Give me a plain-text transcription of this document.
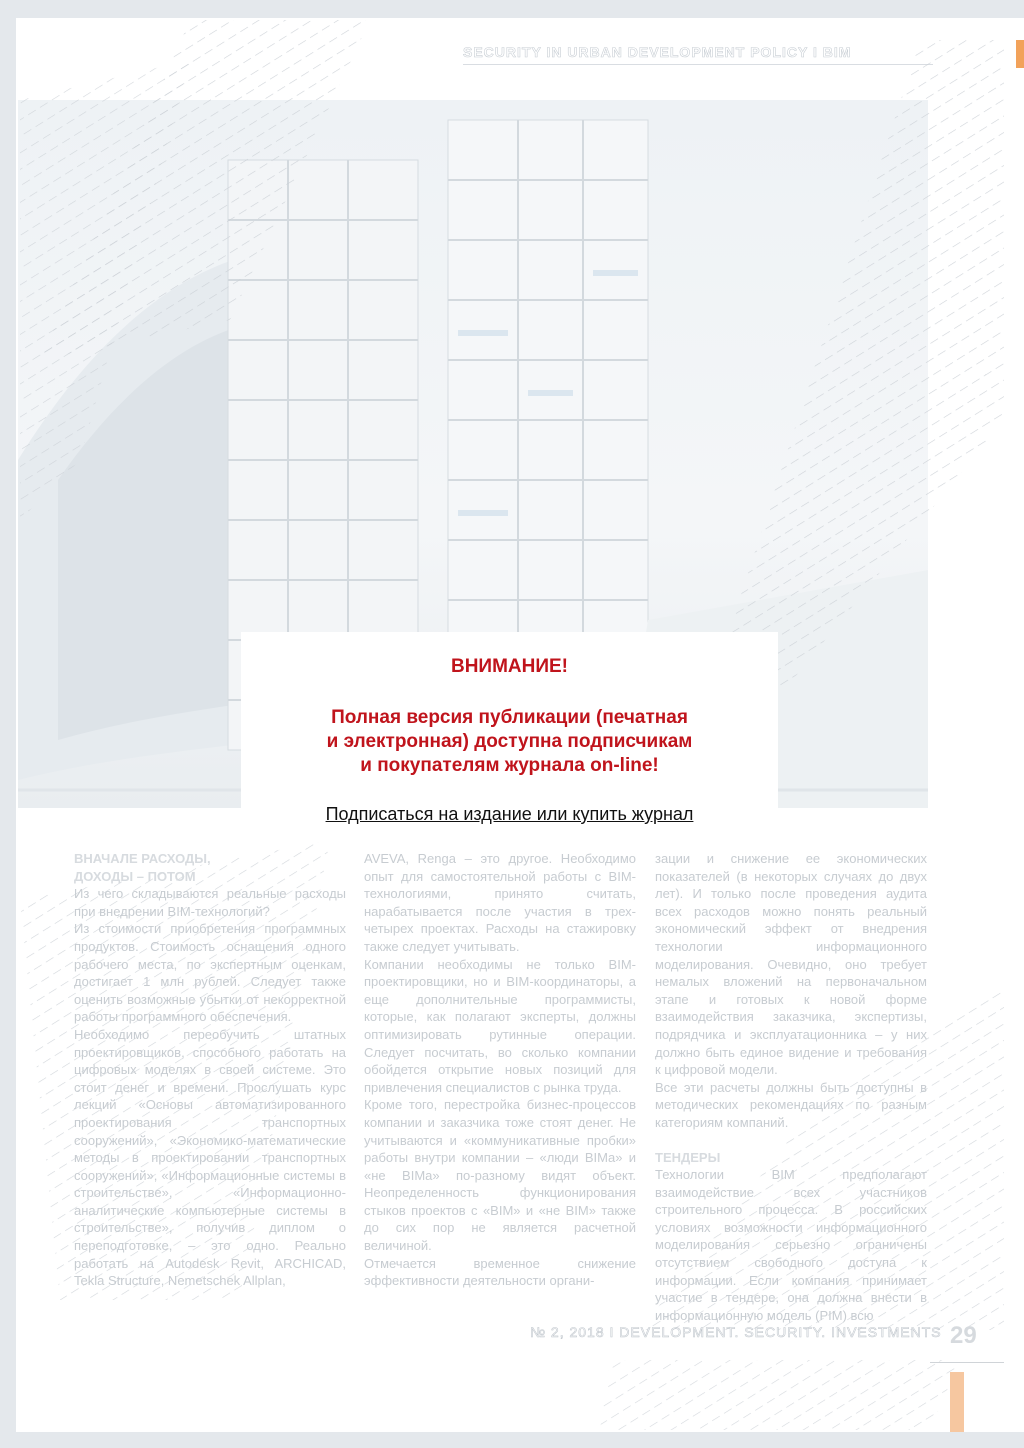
SECURITY IN URBAN DEVELOPMENT POLICY I BIM
ВНИМАНИЕ!
Полная версия публикации (печатная
и электронная) доступна подписчикам
и покупателям журнала on-line!
Подписаться на издание или купить журнал

ВНАЧАЛЕ РАСХОДЫ,

ДОХОДЫ – ПОТОМ

Из чего складываются реальные расходы при внедрении BIM-технологий?

Из стоимости приобретения программных продуктов. Стоимость оснащения одного рабочего места, по экспертным оценкам, достигает 1 млн рублей. Следует также оценить возможные убытки от некорректной работы программного обеспечения.

Необходимо переобучить штатных проектировщиков, способного работать на цифровых моделях в своей системе. Это стоит денег и времени. Прослушать курс лекций «Основы автоматизированного проектирования транспортных сооружений», «Экономико-математические методы в проектировании транспортных сооружений», «Информационные системы в строительстве», «Информационно-аналитические компьютерные системы в строительстве», получив диплом о переподготовке, – это одно. Реально работать на Autodesk Revit, ARCHICAD, Tekla Structure, Nemetschek Allplan,

AVEVA, Renga – это другое. Необходимо опыт для самостоятельной работы с BIM-технологиями, принято считать, нарабатывается после участия в трех-четырех проектах. Расходы на стажировку также следует учитывать.

Компании необходимы не только BIM-проектировщики, но и BIM-координаторы, а еще дополнительные программисты, которые, как полагают эксперты, должны оптимизировать рутинные операции. Следует посчитать, во сколько компании обойдется открытие новых позиций для привлечения специалистов с рынка труда.

Кроме того, перестройка бизнес-процессов компании и заказчика тоже стоят денег. Не учитываются и «коммуникативные пробки» работы внутри компании – «люди BIMа» и «не BIMа» по-разному видят объект. Неопределенность функционирования стыков проектов с «BIM» и «не BIM» также до сих пор не является расчетной величиной.

Отмечается временное снижение эффективности деятельности органи-

зации и снижение ее экономических показателей (в некоторых случаях до двух лет). И только после проведения аудита всех расходов можно понять реальный экономический эффект от внедрения технологии информационного моделирования. Очевидно, оно требует немалых вложений на первоначальном этапе и готовых к новой форме взаимодействия заказчика, экспертизы, подрядчика и эксплуатационника – у них должно быть единое видение и требования к цифровой модели.

Все эти расчеты должны быть доступны в методических рекомендациях по разным категориям компаний.

ТЕНДЕРЫ

Технологии BIM предполагают взаимодействие всех участников строительного процесса. В российских условиях возможности информационного моделирования серьезно ограничены отсутствием свободного доступа к информации. Если компания принимает участие в тендере, она должна внести в информационную модель (PIM) всю

№ 2, 2018 I DEVELOPMENT. SECURITY. INVESTMENTS 29
